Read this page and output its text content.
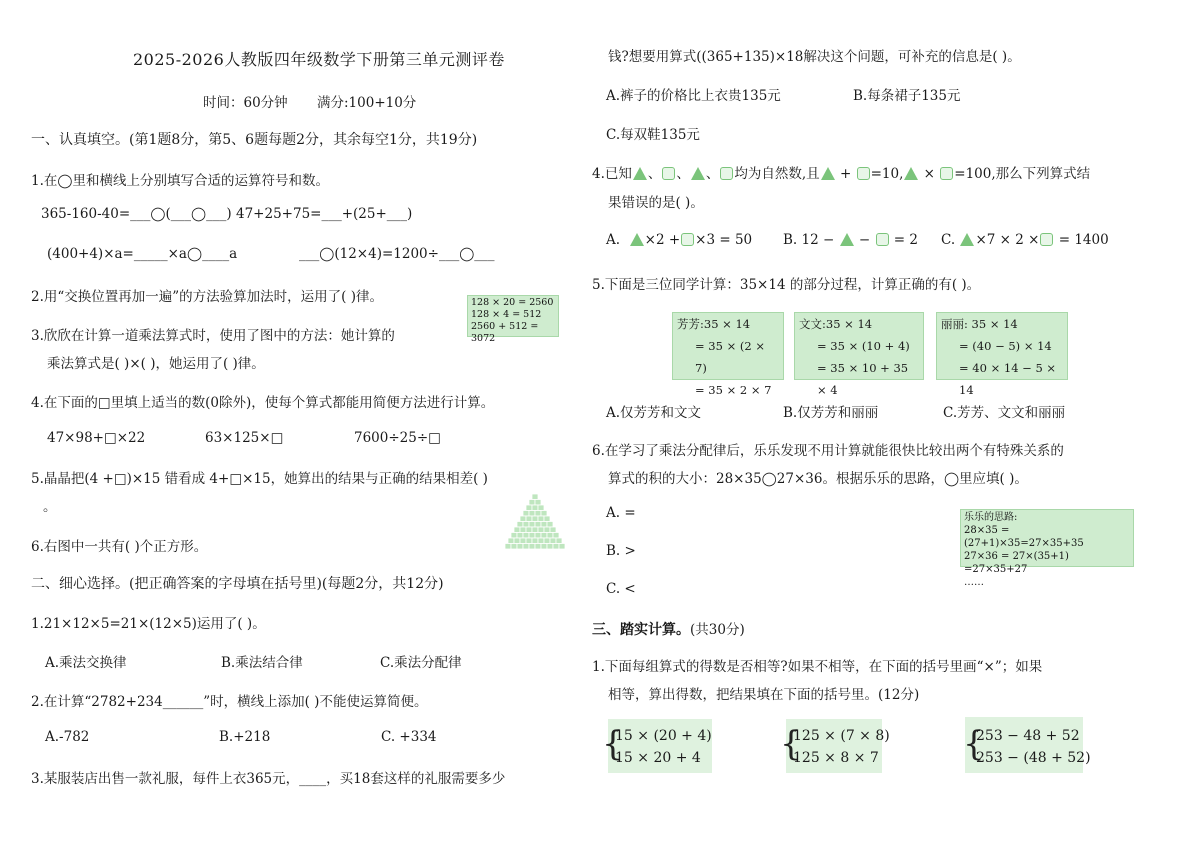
2025-2026人教版四年级数学下册第三单元测评卷
时间：60分钟 满分:100+10分
一、认真填空。(第1题8分，第5、6题每题2分，其余每空1分，共19分)
1.在◯里和横线上分别填写合适的运算符号和数。
365-160-40=___◯(___◯___) 47+25+75=___+(25+___)
(400+4)×a=_____×a◯____a	___◯(12×4)=1200÷___◯___
2.用“交换位置再加一遍”的方法验算加法时，运用了( )律。	128 × 20 = 2560
128 × 4 = 512
2560 + 512 = 3072
3.欣欣在计算一道乘法算式时，使用了图中的方法：她计算的
乘法算式是( )×( )，她运用了( )律。
4.在下面的□里填上适当的数(0除外)，使每个算式都能用简便方法进行计算。
47×98+□×22	63×125×□	7600÷25÷□
5.晶晶把(4 +□)×15 错看成 4+□×15，她算出的结果与正确的结果相差( )
。
6.右图中一共有( )个正方形。
二、细心选择。(把正确答案的字母填在括号里)(每题2分，共12分)
1.21×12×5=21×(12×5)运用了( )。
A.乘法交换律	B.乘法结合律	C.乘法分配律
2.在计算“2782+234______”时，横线上添加( )不能使运算简便。
A.-782	B.+218	C. +334
3.某服装店出售一款礼服，每件上衣365元，____，买18套这样的礼服需要多少
钱?想要用算式((365+135)×18解决这个问题，可补充的信息是( )。
A.裤子的价格比上衣贵135元	B.每条裙子135元
C.每双鞋135元
4.已知 、 、 、 均为自然数,且 + =10, × =100,那么下列算式结
果错误的是( )。
A. ×2 + ×3 = 50 B. 12 − − = 2 C. ×7 × 2 × = 1400
5.下面是三位同学计算：35×14 的部分过程，计算正确的有( )。
芳芳:35 × 14
= 35 × (2 × 7)
= 35 × 2 × 7
文文:35 × 14
= 35 × (10 + 4)
= 35 × 10 + 35 × 4
丽丽: 35 × 14
= (40 − 5) × 14
= 40 × 14 − 5 × 14
A.仅芳芳和文文	B.仅芳芳和丽丽	C.芳芳、文文和丽丽
6.在学习了乘法分配律后，乐乐发现不用计算就能很快比较出两个有特殊关系的
算式的积的大小：28×35◯27×36。根据乐乐的思路，◯里应填( )。
A. =
B. >
C. <
乐乐的思路:
28×35 = (27+1)×35=27×35+35
27×36 = 27×(35+1) =27×35+27
……
三、踏实计算。(共30分)
1.下面每组算式的得数是否相等?如果不相等，在下面的括号里画“×”；如果
相等，算出得数，把结果填在下面的括号里。(12分)
{
15 × (20 + 4)
15 × 20 + 4	{
125 × (7 × 8)
125 × 8 × 7	{
253 − 48 + 52
253 − (48 + 52)
